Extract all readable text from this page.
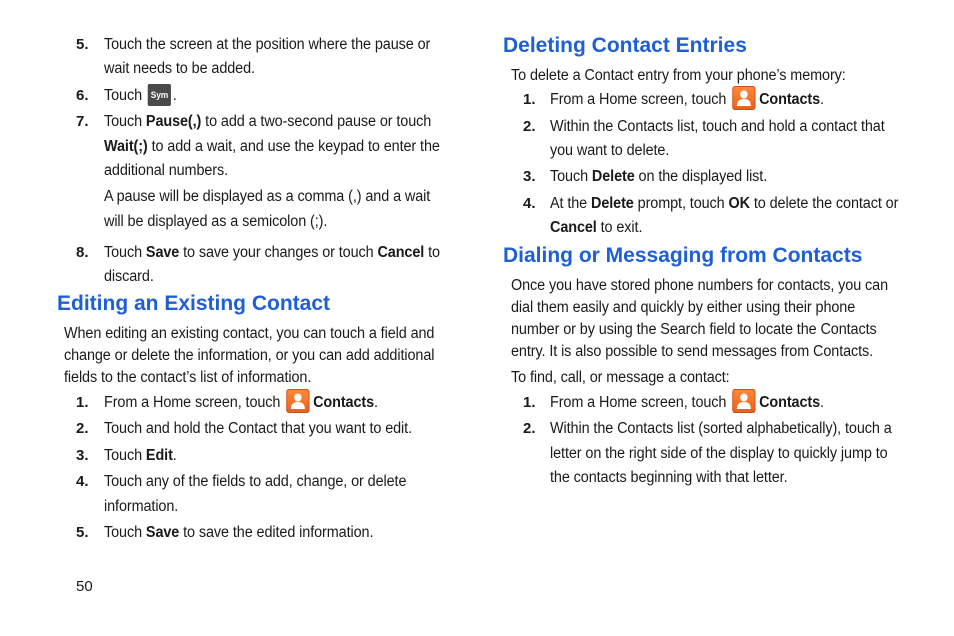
5. Touch the screen at the position where the pause or
wait needs to be added.
6. Touch Sym .
7. Touch Pause(,) to add a two-second pause or touch
Wait(;) to add a wait, and use the keypad to enter the
additional numbers.
A pause will be displayed as a comma (,) and a wait
will be displayed as a semicolon (;).
8. Touch Save to save your changes or touch Cancel to
discard.
Editing an Existing Contact
When editing an existing contact, you can touch a field and
change or delete the information, or you can add additional
fields to the contact’s list of information.
1. From a Home screen, touch Contacts.
2. Touch and hold the Contact that you want to edit.
3. Touch Edit.
4. Touch any of the fields to add, change, or delete
information.
5. Touch Save to save the edited information.
50
Deleting Contact Entries
To delete a Contact entry from your phone’s memory:
1. From a Home screen, touch Contacts.
2. Within the Contacts list, touch and hold a contact that
you want to delete.
3. Touch Delete on the displayed list.
4. At the Delete prompt, touch OK to delete the contact or
Cancel to exit.
Dialing or Messaging from Contacts
Once you have stored phone numbers for contacts, you can
dial them easily and quickly by either using their phone
number or by using the Search field to locate the Contacts
entry. It is also possible to send messages from Contacts.
To find, call, or message a contact:
1. From a Home screen, touch Contacts.
2. Within the Contacts list (sorted alphabetically), touch a
letter on the right side of the display to quickly jump to
the contacts beginning with that letter.
